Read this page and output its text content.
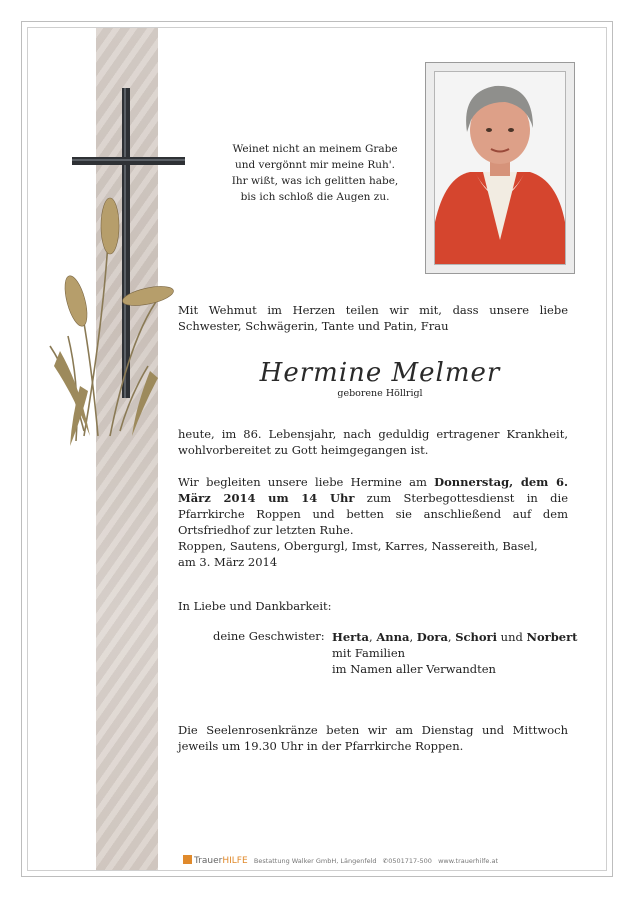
Weinet nicht an meinem Grabe
und vergönnt mir meine Ruh'.
Ihr wißt, was ich gelitten habe,
bis ich schloß die Augen zu.
Mit Wehmut im Herzen teilen wir mit, dass unsere liebe Schwester, Schwägerin, Tante und Patin, Frau
Hermine Melmer
geborene Höllrigl
heute, im 86. Lebensjahr, nach geduldig ertragener Krankheit, wohlvorbereitet zu Gott heimgegangen ist.
Wir begleiten unsere liebe Hermine am Donnerstag, dem 6. März 2014 um 14 Uhr zum Sterbegottesdienst in die Pfarrkirche Roppen und betten sie anschließend auf dem Ortsfriedhof zur letzten Ruhe.
Roppen, Sautens, Obergurgl, Imst, Karres, Nassereith, Basel,
am 3. März 2014
In Liebe und Dankbarkeit:
deine Geschwister: Herta, Anna, Dora, Schori und Norbert
mit Familien
im Namen aller Verwandten
Die Seelenrosenkränze beten wir am Dienstag und Mittwoch jeweils um 19.30 Uhr in der Pfarrkirche Roppen.
TrauerHILFE Bestattung Walker GmbH, Längenfeld ✆0501717-500 www.trauerhilfe.at
